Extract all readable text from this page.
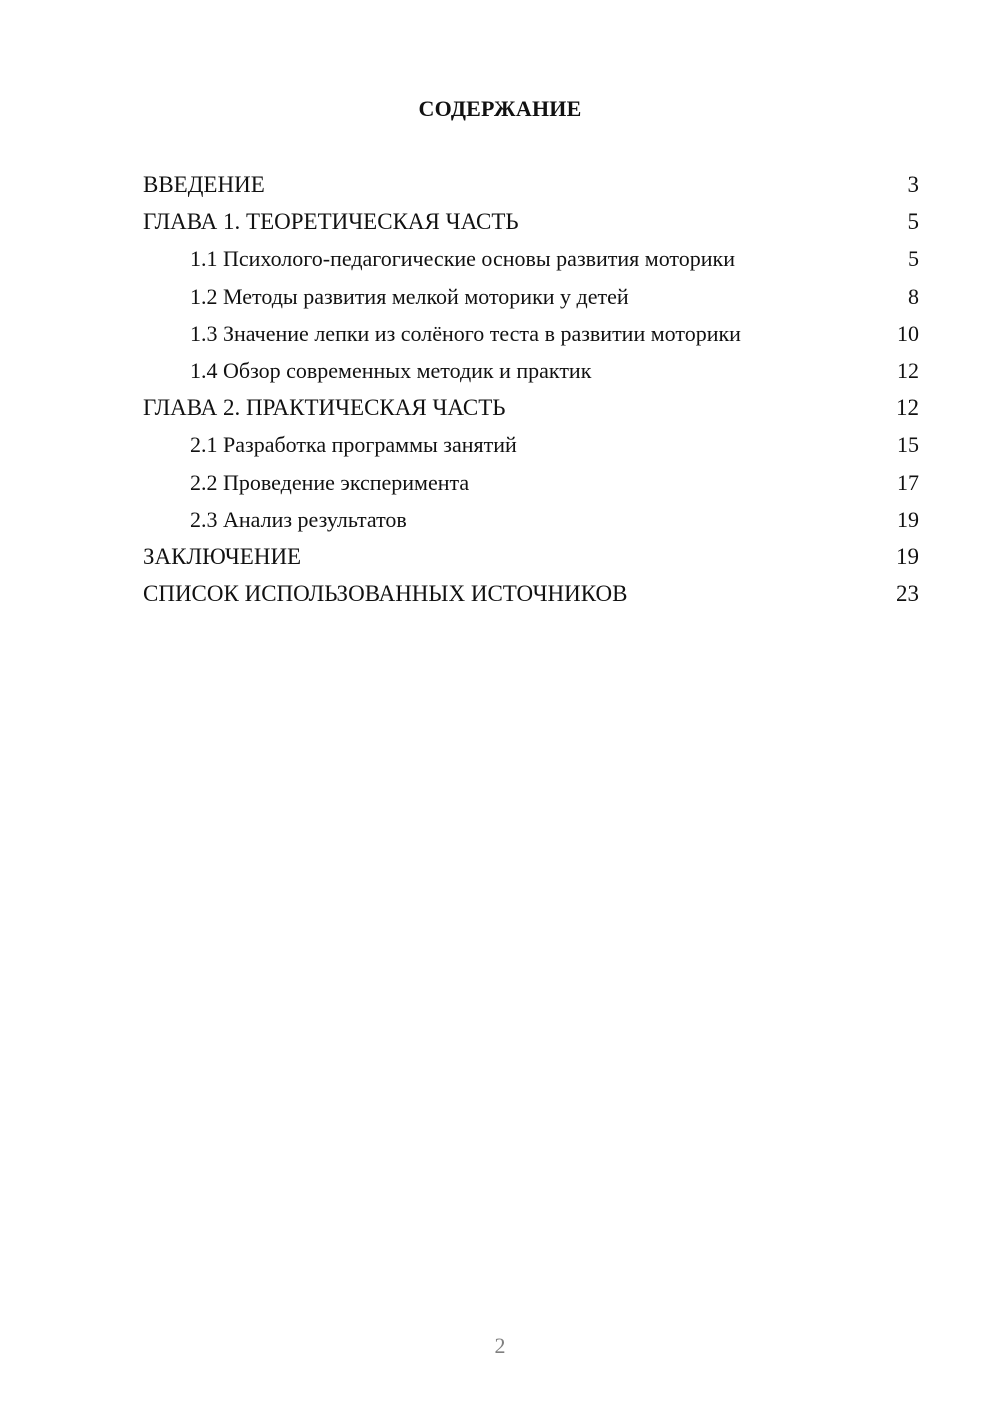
СОДЕРЖАНИЕ
ВВЕДЕНИЕ	3
ГЛАВА 1. ТЕОРЕТИЧЕСКАЯ ЧАСТЬ	5
1.1 Психолого-педагогические основы развития моторики	5
1.2 Методы развития мелкой моторики у детей	8
1.3 Значение лепки из солёного теста в развитии моторики	10
1.4 Обзор современных методик и практик	12
ГЛАВА 2. ПРАКТИЧЕСКАЯ ЧАСТЬ	12
2.1 Разработка программы занятий	15
2.2 Проведение эксперимента	17
2.3 Анализ результатов	19
ЗАКЛЮЧЕНИЕ	19
СПИСОК ИСПОЛЬЗОВАННЫХ ИСТОЧНИКОВ	23
2
